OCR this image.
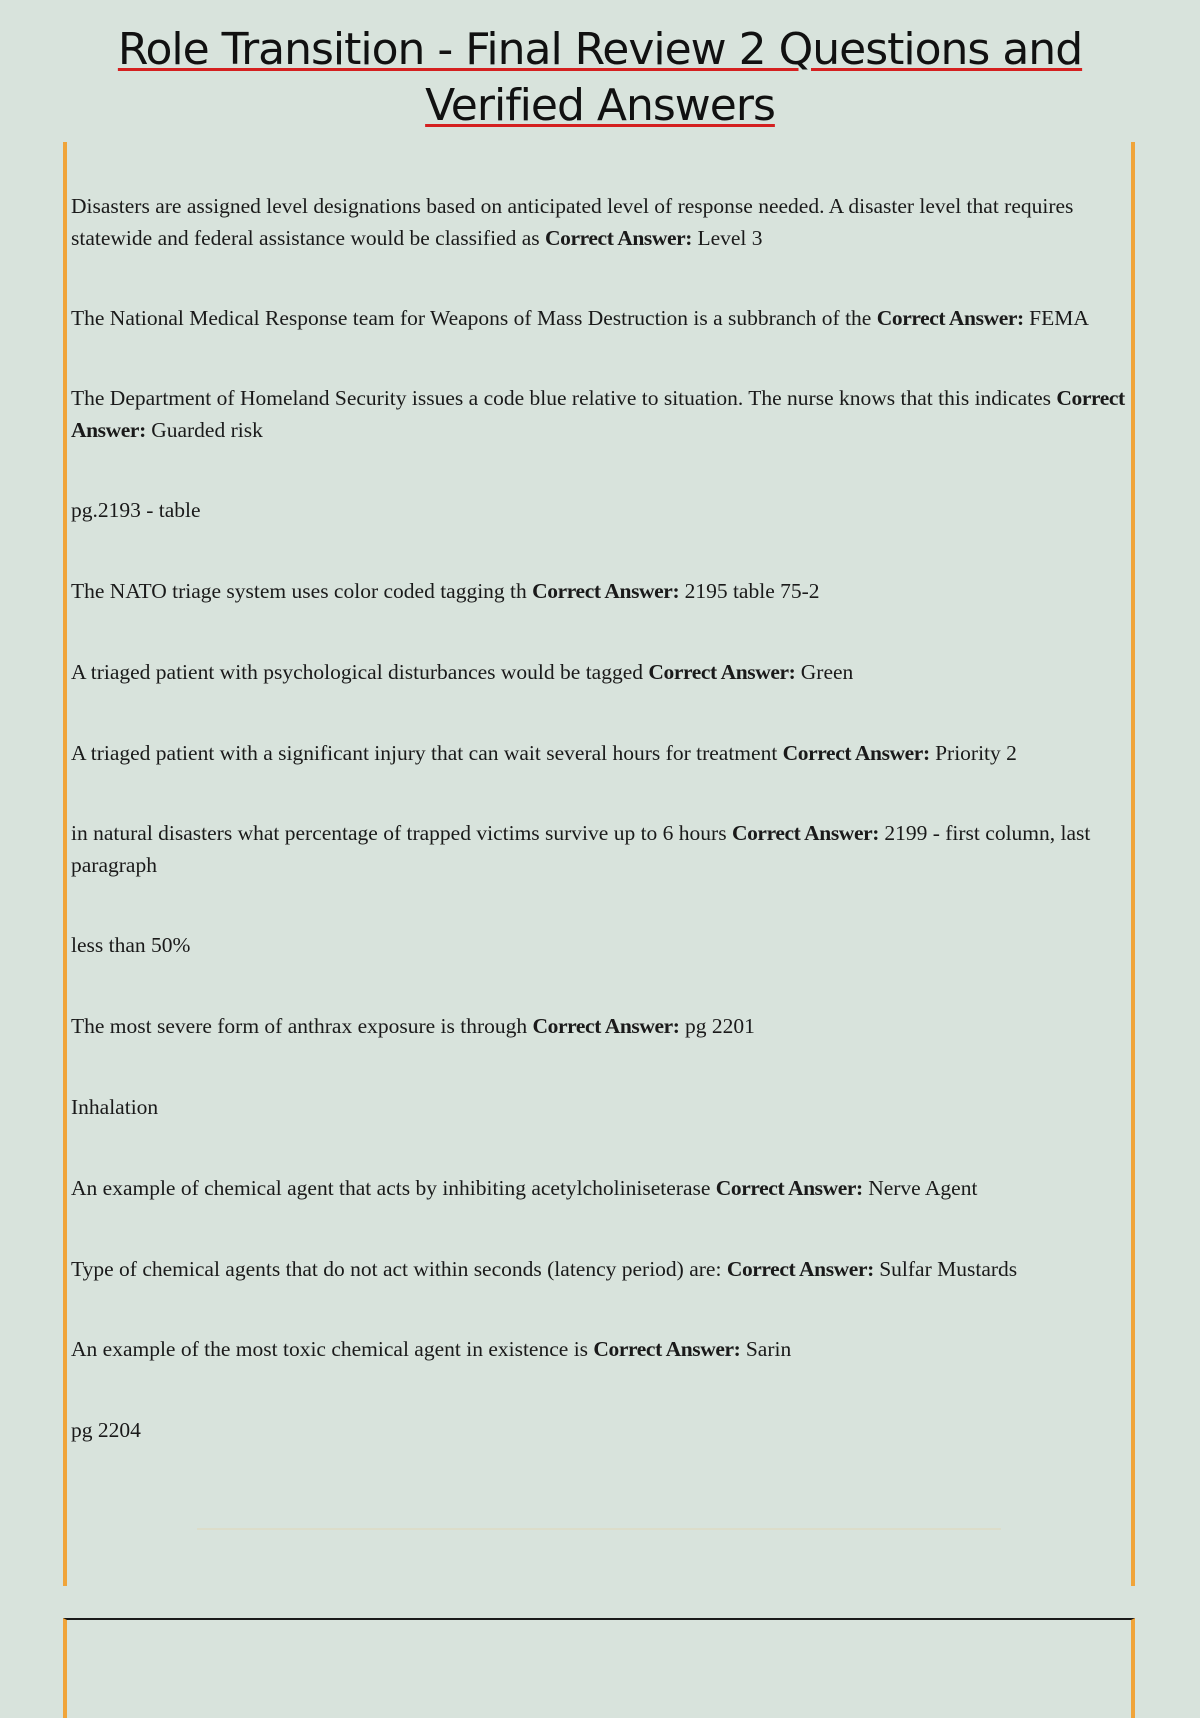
Role Transition - Final Review 2 Questions and
Verified Answers
Disasters are assigned level designations based on anticipated level of response needed. A disaster level that requires statewide and federal assistance would be classified as Correct Answer: Level 3
The National Medical Response team for Weapons of Mass Destruction is a subbranch of the Correct Answer: FEMA
The Department of Homeland Security issues a code blue relative to situation. The nurse knows that this indicates Correct Answer: Guarded risk
pg.2193 - table
The NATO triage system uses color coded tagging th Correct Answer: 2195 table 75-2
A triaged patient with psychological disturbances would be tagged Correct Answer: Green
A triaged patient with a significant injury that can wait several hours for treatment Correct Answer: Priority 2
in natural disasters what percentage of trapped victims survive up to 6 hours Correct Answer: 2199 - first column, last paragraph
less than 50%
The most severe form of anthrax exposure is through Correct Answer: pg 2201
Inhalation
An example of chemical agent that acts by inhibiting acetylcholiniseterase Correct Answer: Nerve Agent
Type of chemical agents that do not act within seconds (latency period) are: Correct Answer: Sulfar Mustards
An example of the most toxic chemical agent in existence is Correct Answer: Sarin
pg 2204
